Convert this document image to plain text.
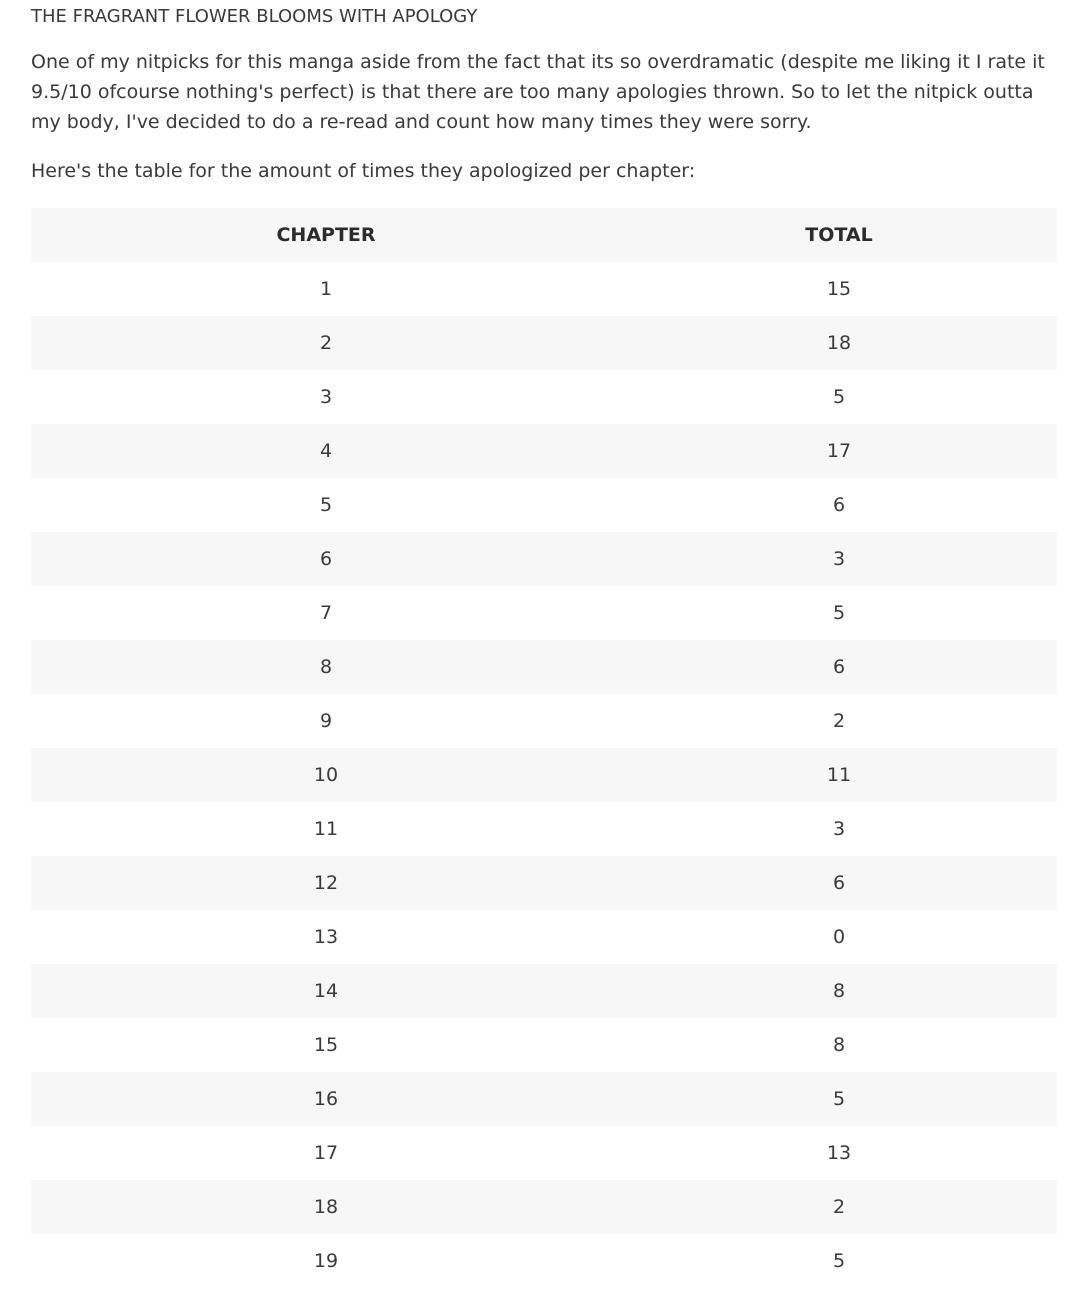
THE FRAGRANT FLOWER BLOOMS WITH APOLOGY

One of my nitpicks for this manga aside from the fact that its so overdramatic (despite me liking it I rate it 9.5/10 ofcourse nothing's perfect) is that there are too many apologies thrown. So to let the nitpick outta my body, I've decided to do a re-read and count how many times they were sorry.

Here's the table for the amount of times they apologized per chapter:

CHAPTER	TOTAL
1	15
2	18
3	5
4	17
5	6
6	3
7	5
8	6
9	2
10	11
11	3
12	6
13	0
14	8
15	8
16	5
17	13
18	2
19	5
